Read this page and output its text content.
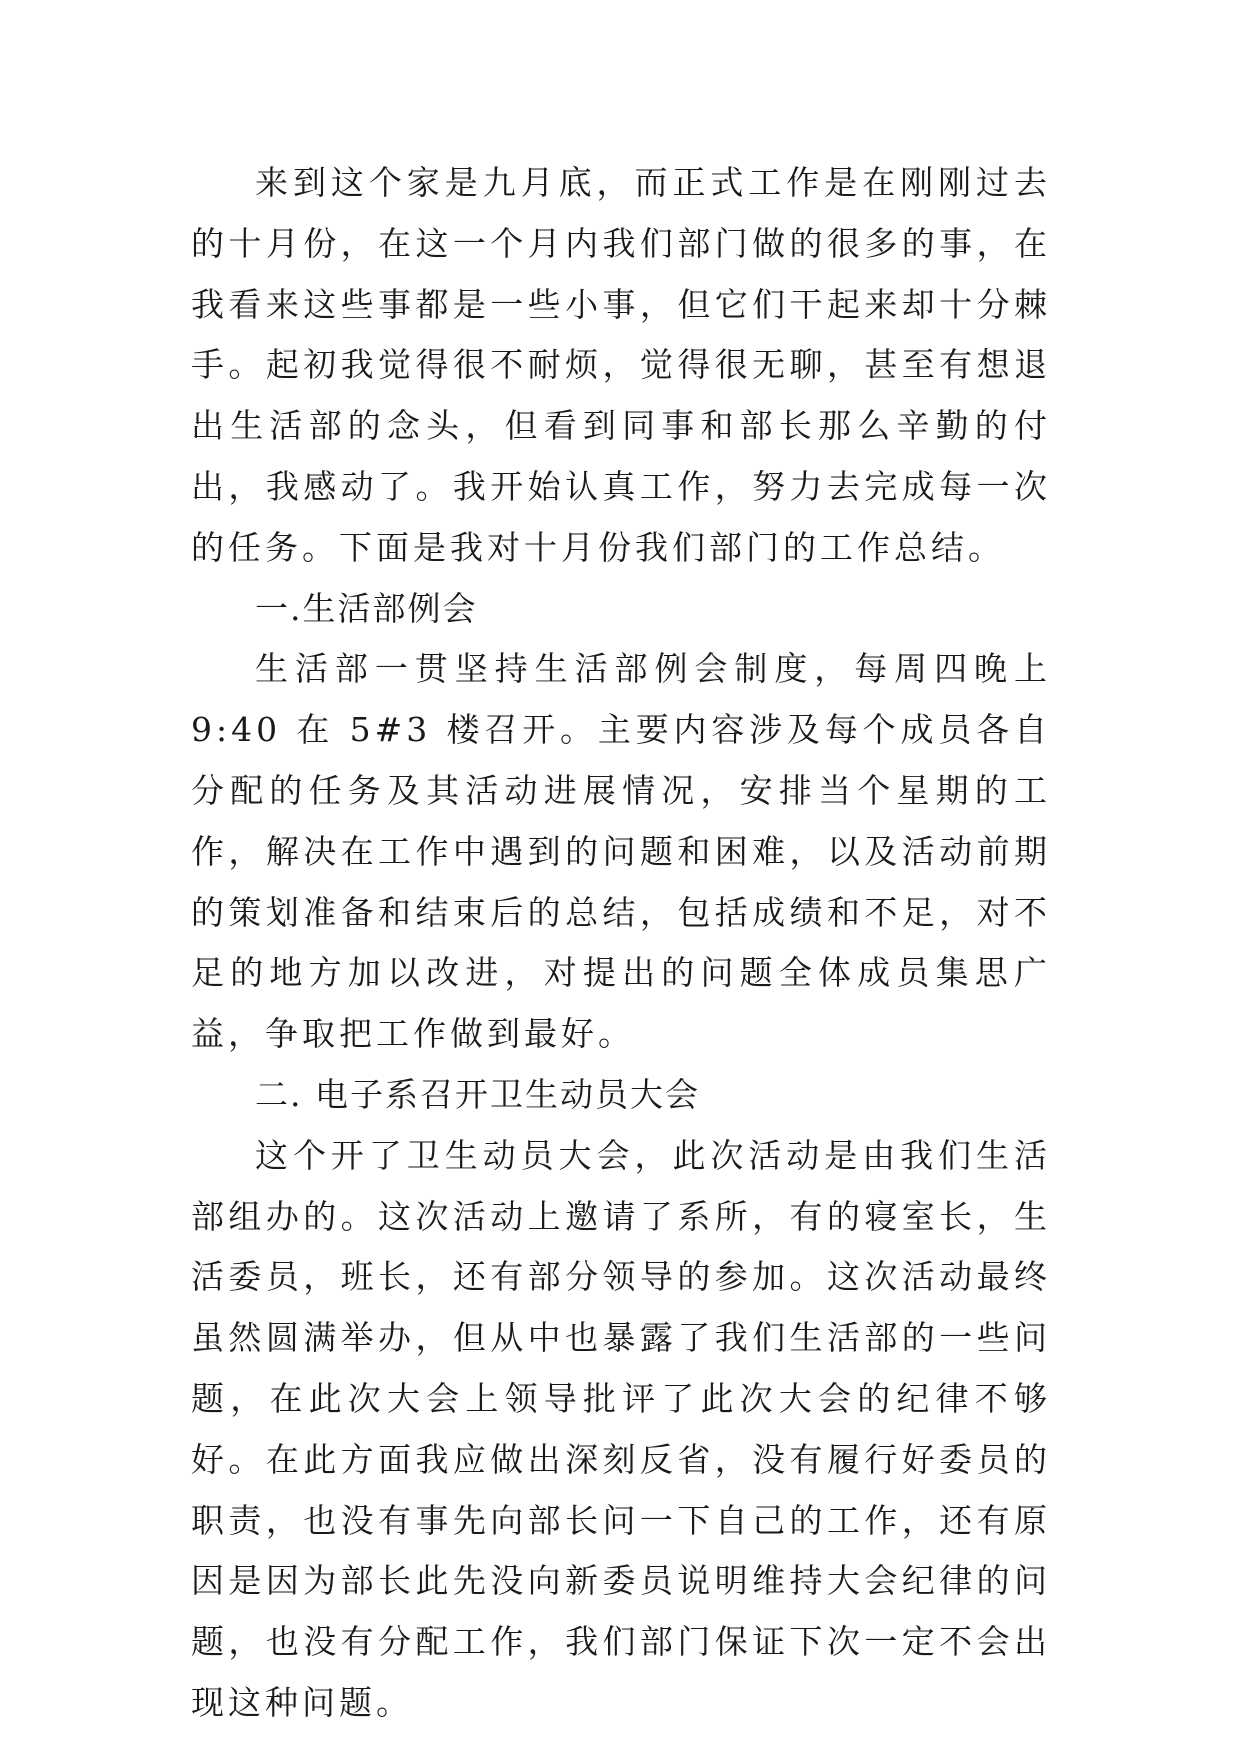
来到这个家是九月底，而正式工作是在刚刚过去的十月份，在这一个月内我们部门做的很多的事，在我看来这些事都是一些小事，但它们干起来却十分棘手。起初我觉得很不耐烦，觉得很无聊，甚至有想退出生活部的念头，但看到同事和部长那么辛勤的付出，我感动了。我开始认真工作，努力去完成每一次的任务。下面是我对十月份我们部门的工作总结。

一.生活部例会

生活部一贯坚持生活部例会制度，每周四晚上 9:40 在 5#3 楼召开。主要内容涉及每个成员各自分配的任务及其活动进展情况，安排当个星期的工作，解决在工作中遇到的问题和困难，以及活动前期的策划准备和结束后的总结，包括成绩和不足，对不足的地方加以改进，对提出的问题全体成员集思广益，争取把工作做到最好。

二. 电子系召开卫生动员大会

这个开了卫生动员大会，此次活动是由我们生活部组办的。这次活动上邀请了系所，有的寝室长，生活委员，班长，还有部分领导的参加。这次活动最终虽然圆满举办，但从中也暴露了我们生活部的一些问题，在此次大会上领导批评了此次大会的纪律不够好。在此方面我应做出深刻反省，没有履行好委员的职责，也没有事先向部长问一下自己的工作，还有原因是因为部长此先没向新委员说明维持大会纪律的问题，也没有分配工作，我们部门保证下次一定不会出现这种问题。
